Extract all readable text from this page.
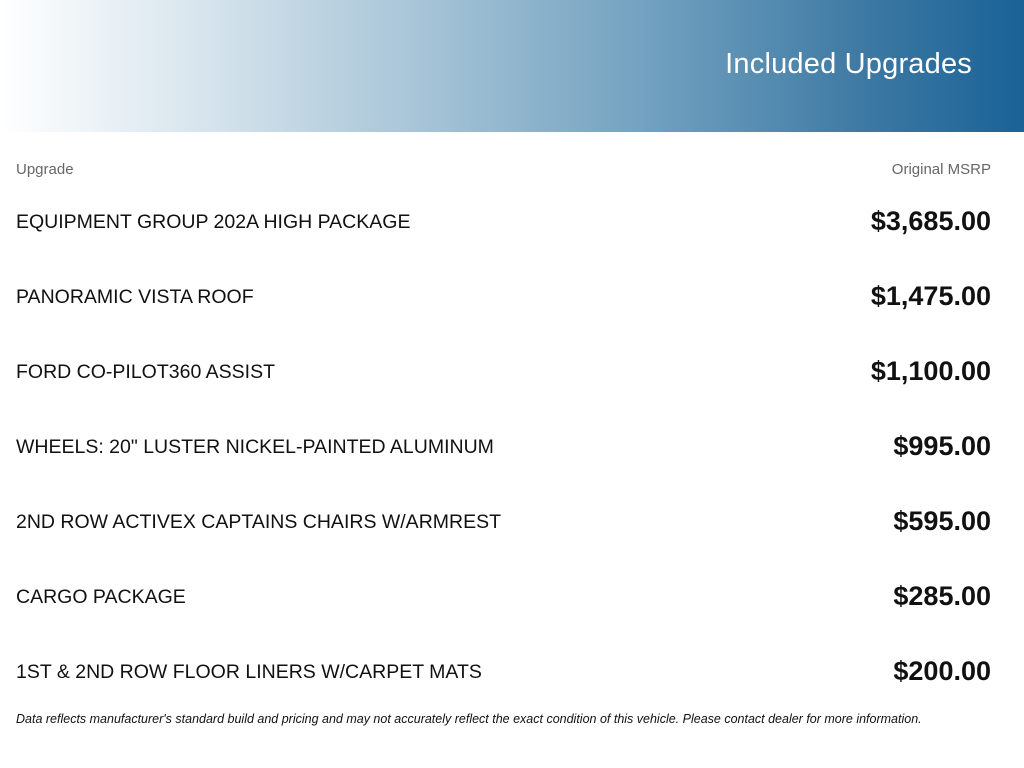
Included Upgrades
Upgrade	Original MSRP
EQUIPMENT GROUP 202A HIGH PACKAGE	$3,685.00
PANORAMIC VISTA ROOF	$1,475.00
FORD CO-PILOT360 ASSIST	$1,100.00
WHEELS: 20" LUSTER NICKEL-PAINTED ALUMINUM	$995.00
2ND ROW ACTIVEX CAPTAINS CHAIRS W/ARMREST	$595.00
CARGO PACKAGE	$285.00
1ST & 2ND ROW FLOOR LINERS W/CARPET MATS	$200.00
Data reflects manufacturer's standard build and pricing and may not accurately reflect the exact condition of this vehicle. Please contact dealer for more information.
